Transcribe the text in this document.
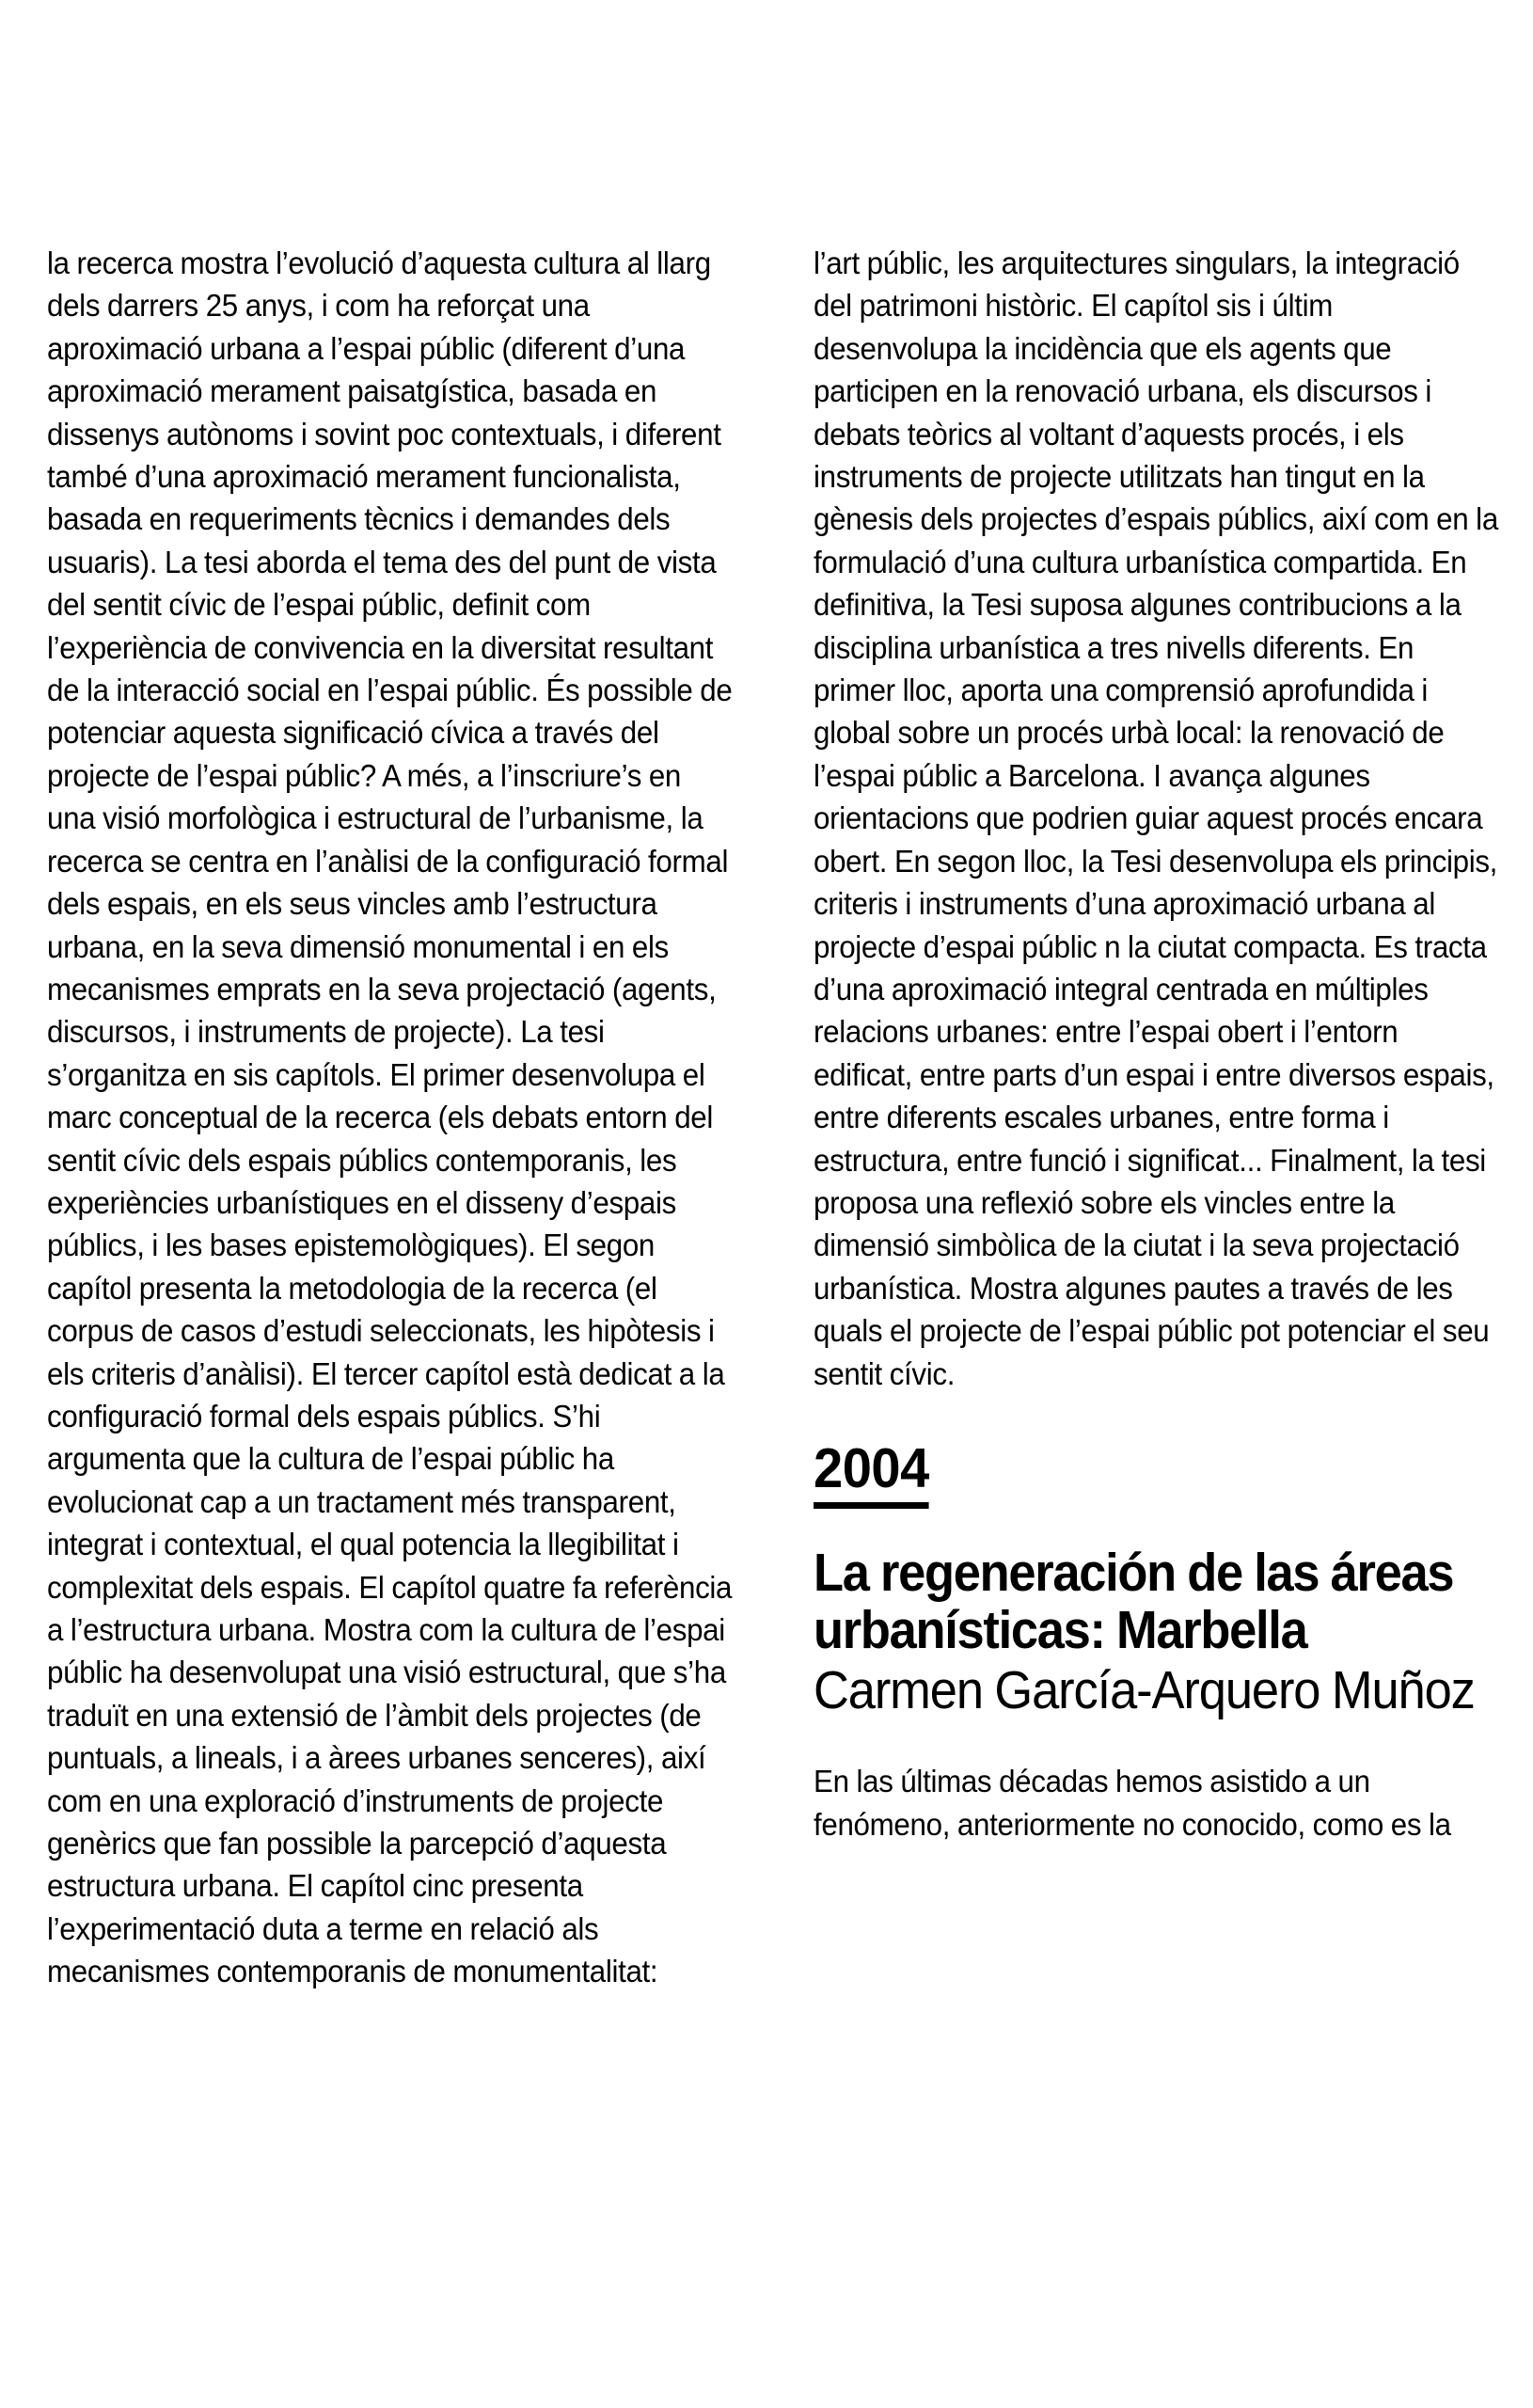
la recerca mostra l’evolució d’aquesta cultura al llarg dels darrers 25 anys, i com ha reforçat una aproximació urbana a l’espai públic (diferent d’una aproximació merament paisatgística, basada en dissenys autònoms i sovint poc contextuals, i diferent també d’una aproximació merament funcionalista, basada en requeriments tècnics i demandes dels usuaris). La tesi aborda el tema des del punt de vista del sentit cívic de l’espai públic, definit com l’experiència de convivencia en la diversitat resultant de la interacció social en l’espai públic. És possible de potenciar aquesta significació cívica a través del projecte de l’espai públic? A més, a l’inscriure’s en una visió morfològica i estructural de l’urbanisme, la recerca se centra en l’anàlisi de la configuració formal dels espais, en els seus vincles amb l’estructura urbana, en la seva dimensió monumental i en els mecanismes emprats en la seva projectació (agents, discursos, i instruments de projecte). La tesi s’organitza en sis capítols. El primer desenvolupa el marc conceptual de la recerca (els debats entorn del sentit cívic dels espais públics contemporanis, les experiències urbanístiques en el disseny d’espais públics, i les bases epistemològiques). El segon capítol presenta la metodologia de la recerca (el corpus de casos d’estudi seleccionats, les hipòtesis i els criteris d’anàlisi). El tercer capítol està dedicat a la configuració formal dels espais públics. S’hi argumenta que la cultura de l’espai públic ha evolucionat cap a un tractament més transparent, integrat i contextual, el qual potencia la llegibilitat i complexitat dels espais. El capítol quatre fa referència a l’estructura urbana. Mostra com la cultura de l’espai públic ha desenvolupat una visió estructural, que s’ha traduït en una extensió de l’àmbit dels projectes (de puntuals, a lineals, i a àrees urbanes senceres), així com en una exploració d’instruments de projecte genèrics que fan possible la parcepció d’aquesta estructura urbana. El capítol cinc presenta l’experimentació duta a terme en relació als mecanismes contemporanis de monumentalitat:

l’art públic, les arquitectures singulars, la integració del patrimoni històric. El capítol sis i últim desenvolupa la incidència que els agents que participen en la renovació urbana, els discursos i debats teòrics al voltant d’aquests procés, i els instruments de projecte utilitzats han tingut en la gènesis dels projectes d’espais públics, així com en la formulació d’una cultura urbanística compartida. En definitiva, la Tesi suposa algunes contribucions a la disciplina urbanística a tres nivells diferents. En primer lloc, aporta una comprensió aprofundida i global sobre un procés urbà local: la renovació de l’espai públic a Barcelona. I avança algunes orientacions que podrien guiar aquest procés encara obert. En segon lloc, la Tesi desenvolupa els principis, criteris i instruments d’una aproximació urbana al projecte d’espai públic n la ciutat compacta. Es tracta d’una aproximació integral centrada en múltiples relacions urbanes: entre l’espai obert i l’entorn edificat, entre parts d’un espai i entre diversos espais, entre diferents escales urbanes, entre forma i estructura, entre funció i significat... Finalment, la tesi proposa una reflexió sobre els vincles entre la dimensió simbòlica de la ciutat i la seva projectació urbanística. Mostra algunes pautes a través de les quals el projecte de l’espai públic pot potenciar el seu sentit cívic.

2004
La regeneración de las áreas urbanísticas: Marbella
Carmen García-Arquero Muñoz

En las últimas décadas hemos asistido a un fenómeno, anteriormente no conocido, como es la
